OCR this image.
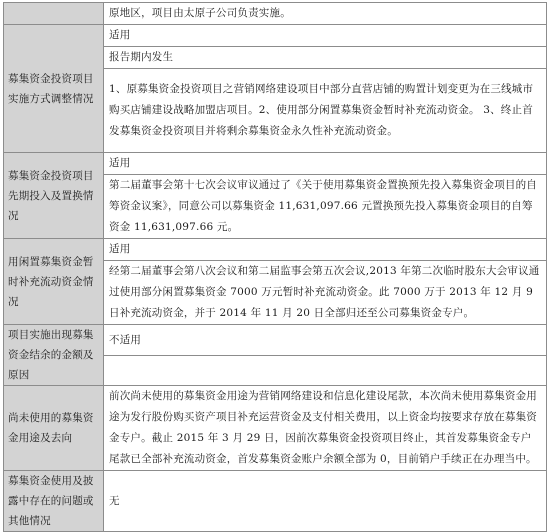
	原地区，项目由太原子公司负责实施。
募集资金投资项目实施方式调整情况	适用
	报告期内发生
	1、原募集资金投资项目之营销网络建设项目中部分直营店铺的购置计划变更为在三线城市购买店铺建设战略加盟店项目。2、使用部分闲置募集资金暂时补充流动资金。 3、终止首发募集资金投资项目并将剩余募集资金永久性补充流动资金。
募集资金投资项目先期投入及置换情况	适用
	第二届董事会第十七次会议审议通过了《关于使用募集资金置换预先投入募集资金项目的自筹资金议案》，同意公司以募集资金 11,631,097.66 元置换预先投入募集资金项目的自筹资金 11,631,097.66 元。
用闲置募集资金暂时补充流动资金情况	适用
	经第二届董事会第八次会议和第二届监事会第五次会议,2013 年第二次临时股东大会审议通过使用部分闲置募集资金 7000 万元暂时补充流动资金。此 7000 万于 2013 年 12 月 9 日补充流动资金，并于 2014 年 11 月 20 日全部归还至公司募集资金专户。
项目实施出现募集资金结余的金额及原因	不适用

尚未使用的募集资金用途及去向	前次尚未使用的募集资金用途为营销网络建设和信息化建设尾款，本次尚未使用募集资金用途为发行股份购买资产项目补充运营资金及支付相关费用，以上资金均按要求存放在募集资金专户。截止 2015 年 3 月 29 日，因前次募集资金投资项目终止，其首发募集资金专户尾款已全部补充流动资金，首发募集资金账户余额全部为 0，目前销户手续正在办理当中。
募集资金使用及披露中存在的问题或其他情况	无
